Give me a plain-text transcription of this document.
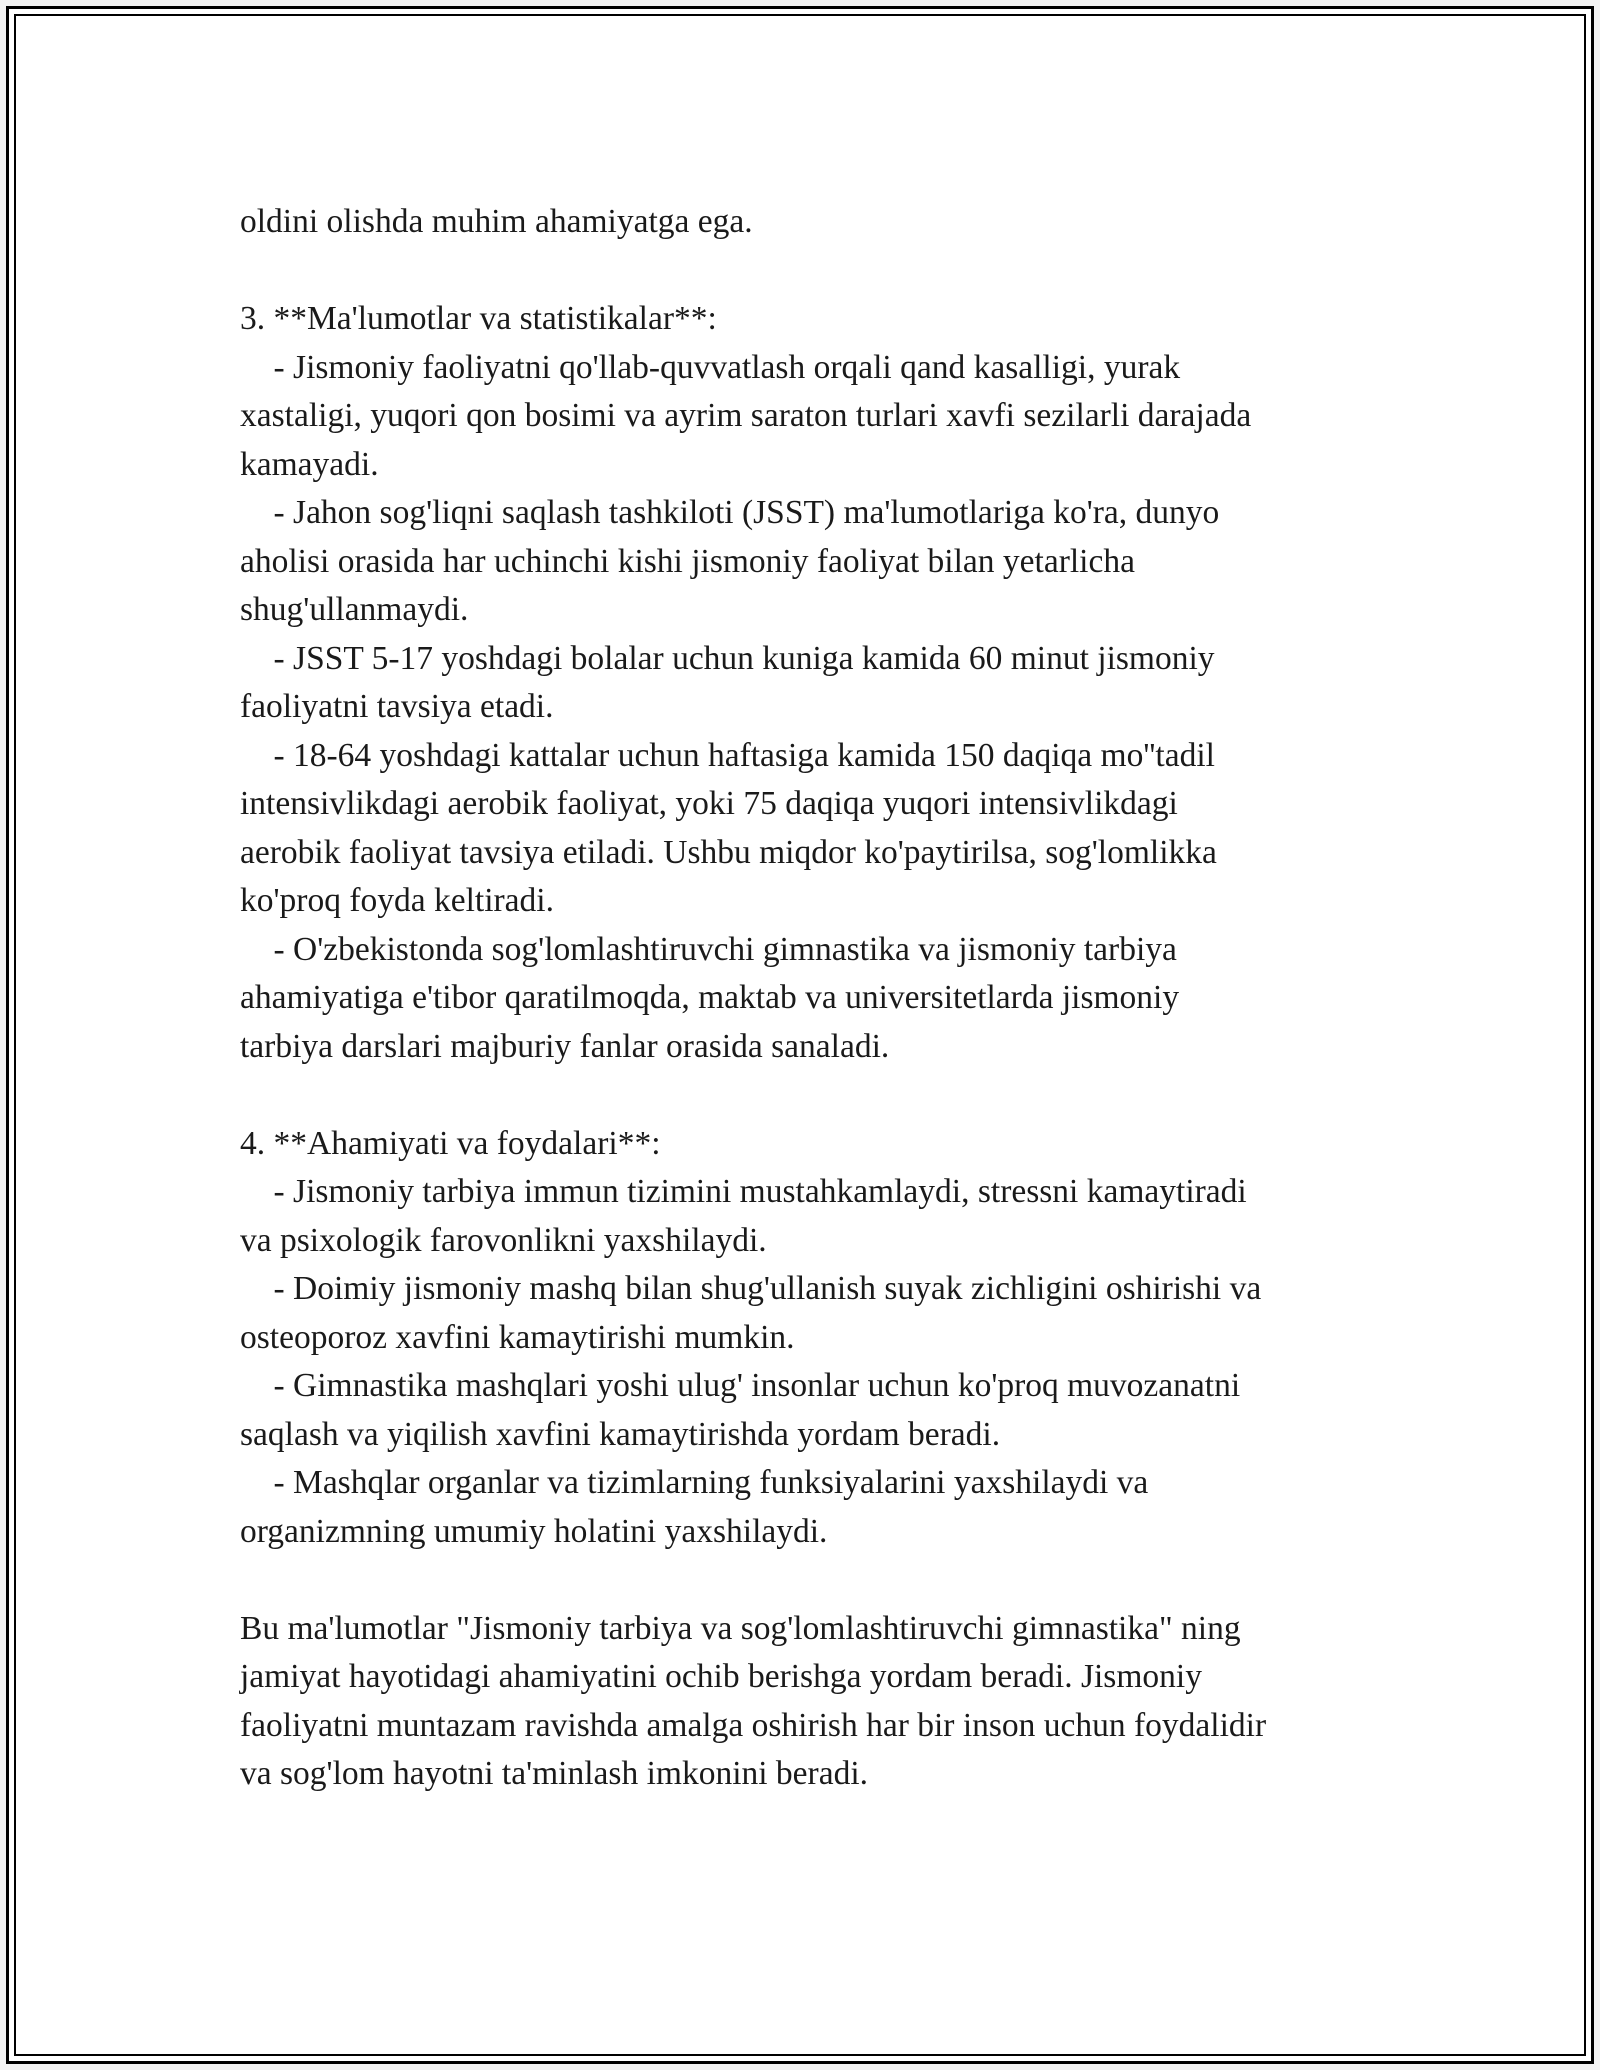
oldini olishda muhim ahamiyatga ega.
3. **Ma'lumotlar va statistikalar**:
- Jismoniy faoliyatni qo'llab-quvvatlash orqali qand kasalligi, yurak
xastaligi, yuqori qon bosimi va ayrim saraton turlari xavfi sezilarli darajada
kamayadi.
- Jahon sog'liqni saqlash tashkiloti (JSST) ma'lumotlariga ko'ra, dunyo
aholisi orasida har uchinchi kishi jismoniy faoliyat bilan yetarlicha
shug'ullanmaydi.
- JSST 5-17 yoshdagi bolalar uchun kuniga kamida 60 minut jismoniy
faoliyatni tavsiya etadi.
- 18-64 yoshdagi kattalar uchun haftasiga kamida 150 daqiqa mo''tadil
intensivlikdagi aerobik faoliyat, yoki 75 daqiqa yuqori intensivlikdagi
aerobik faoliyat tavsiya etiladi. Ushbu miqdor ko'paytirilsa, sog'lomlikka
ko'proq foyda keltiradi.
- O'zbekistonda sog'lomlashtiruvchi gimnastika va jismoniy tarbiya
ahamiyatiga e'tibor qaratilmoqda, maktab va universitetlarda jismoniy
tarbiya darslari majburiy fanlar orasida sanaladi.
4. **Ahamiyati va foydalari**:
- Jismoniy tarbiya immun tizimini mustahkamlaydi, stressni kamaytiradi
va psixologik farovonlikni yaxshilaydi.
- Doimiy jismoniy mashq bilan shug'ullanish suyak zichligini oshirishi va
osteoporoz xavfini kamaytirishi mumkin.
- Gimnastika mashqlari yoshi ulug' insonlar uchun ko'proq muvozanatni
saqlash va yiqilish xavfini kamaytirishda yordam beradi.
- Mashqlar organlar va tizimlarning funksiyalarini yaxshilaydi va
organizmning umumiy holatini yaxshilaydi.
Bu ma'lumotlar "Jismoniy tarbiya va sog'lomlashtiruvchi gimnastika" ning
jamiyat hayotidagi ahamiyatini ochib berishga yordam beradi. Jismoniy
faoliyatni muntazam ravishda amalga oshirish har bir inson uchun foydalidir
va sog'lom hayotni ta'minlash imkonini beradi.
